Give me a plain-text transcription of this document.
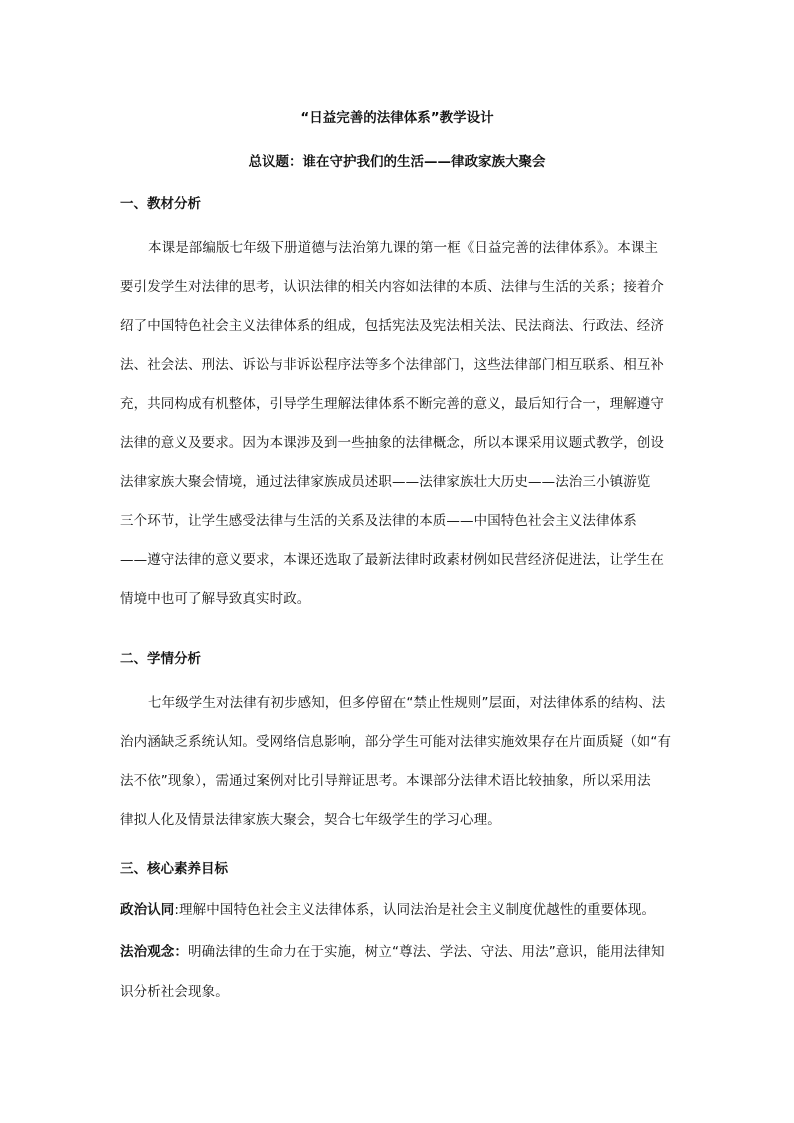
“日益完善的法律体系”教学设计
总议题：谁在守护我们的生活——律政家族大聚会
一、教材分析
本课是部编版七年级下册道德与法治第九课的第一框《日益完善的法律体系》。本课主
要引发学生对法律的思考，认识法律的相关内容如法律的本质、法律与生活的关系；接着介
绍了中国特色社会主义法律体系的组成，包括宪法及宪法相关法、民法商法、行政法、经济
法、社会法、刑法、诉讼与非诉讼程序法等多个法律部门，这些法律部门相互联系、相互补
充，共同构成有机整体，引导学生理解法律体系不断完善的意义，最后知行合一，理解遵守
法律的意义及要求。因为本课涉及到一些抽象的法律概念，所以本课采用议题式教学，创设
法律家族大聚会情境，通过法律家族成员述职——法律家族壮大历史——法治三小镇游览
三个环节，让学生感受法律与生活的关系及法律的本质——中国特色社会主义法律体系
——遵守法律的意义要求，本课还选取了最新法律时政素材例如民营经济促进法，让学生在
情境中也可了解导致真实时政。
二、学情分析
七年级学生对法律有初步感知，但多停留在“禁止性规则”层面，对法律体系的结构、法
治内涵缺乏系统认知。受网络信息影响，部分学生可能对法律实施效果存在片面质疑（如“有
法不依”现象），需通过案例对比引导辩证思考。本课部分法律术语比较抽象，所以采用法
律拟人化及情景法律家族大聚会，契合七年级学生的学习心理。
三、核心素养目标
政治认同:理解中国特色社会主义法律体系，认同法治是社会主义制度优越性的重要体现。
法治观念：明确法律的生命力在于实施，树立“尊法、学法、守法、用法”意识，能用法律知
识分析社会现象。
